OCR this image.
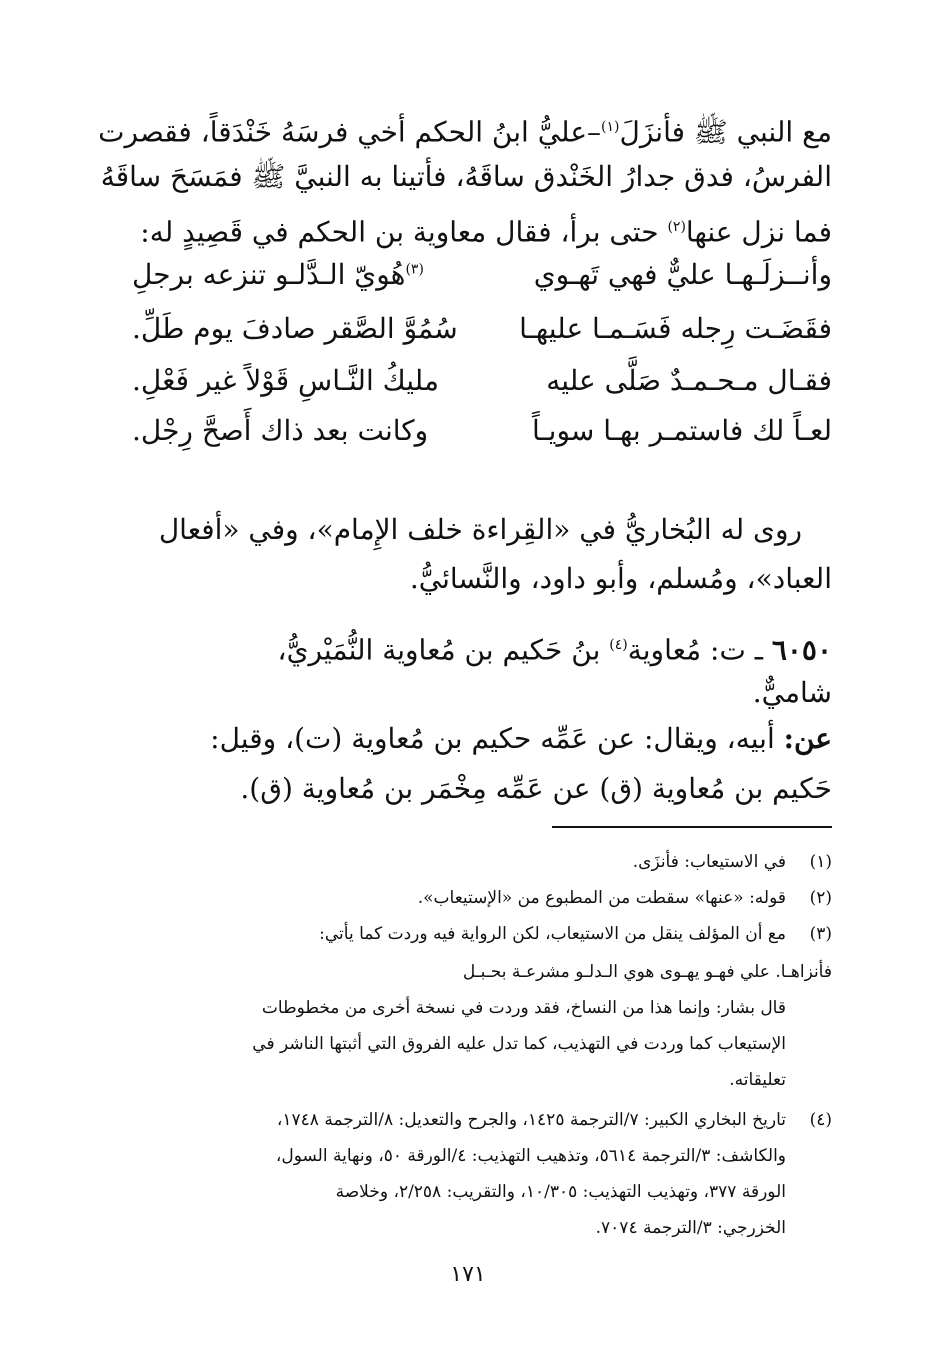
مع النبي ﷺ فأنزَلَ$^{(١)}$–عليُّ ابنُ الحكم أخي فرسَهُ خَنْدَقاً، فقصرت
الفرسُ، فدق جدارُ الخَنْدق ساقَهُ، فأتينا به النبيَّ ﷺ فمَسَحَ ساقَهُ
فما نزل عنها$^{(٢)}$ حتى برأ، فقال معاوية بن الحكم في قَصِيدٍ له:
وأنــزلَـهـا عليٌّ فهي تَهـوي
$^{(٣)}$هُويّ الـدَّلـو تنزعه برجلِ
فقَضَـت رِجله فَسَـمـا عليهـا
سُمُوَّ الصَّقر صادفَ يوم طَلِّ.
فقـال مـحـمـدٌ صَلَّى عليه
مليكُ النَّـاسِ قَوْلاً غير فَعْلِ.
لعـاً لك فاستمـر بهـا سويـاً
وكانت بعد ذاك أَصحَّ رِجْل.
روى له البُخاريُّ في «القِراءة خلف الإِمام»، وفي «أفعال
العباد»، ومُسلم، وأبو داود، والنَّسائيُّ.
٦٠٥٠ ـ ت: مُعاوية$^{(٤)}$ بنُ حَكيم بن مُعاوية النُّمَيْريُّ،
شاميٌّ.
عن: أبيه، ويقال: عن عَمِّه حكيم بن مُعاوية (ت)، وقيل:
حَكيم بن مُعاوية (ق) عن عَمِّه مِخْمَر بن مُعاوية (ق).
(١)
في الاستيعاب: فأنزَى.
(٢)
قوله: «عنها» سقطت من المطبوع من «الإستيعاب».
(٣)
مع أن المؤلف ينقل من الاستيعاب، لكن الرواية فيه وردت كما يأتي:
فأنزاهـا. علي فهـو يهـوى هوي الـدلـو مشرعـة بحـبـل
قال بشار: وإنما هذا من النساخ، فقد وردت في نسخة أخرى من مخطوطات
الإستيعاب كما وردت في التهذيب، كما تدل عليه الفروق التي أثبتها الناشر في
تعليقاته.
(٤)
تاريخ البخاري الكبير: ٧/الترجمة ١٤٢٥، والجرح والتعديل: ٨/الترجمة ١٧٤٨،
والكاشف: ٣/الترجمة ٥٦١٤، وتذهيب التهذيب: ٤/الورقة ٥٠، ونهاية السول،
الورقة ٣٧٧، وتهذيب التهذيب: ١٠/٣٠٥، والتقريب: ٢/٢٥٨، وخلاصة
الخزرجي: ٣/الترجمة ٧٠٧٤.
١٧١
